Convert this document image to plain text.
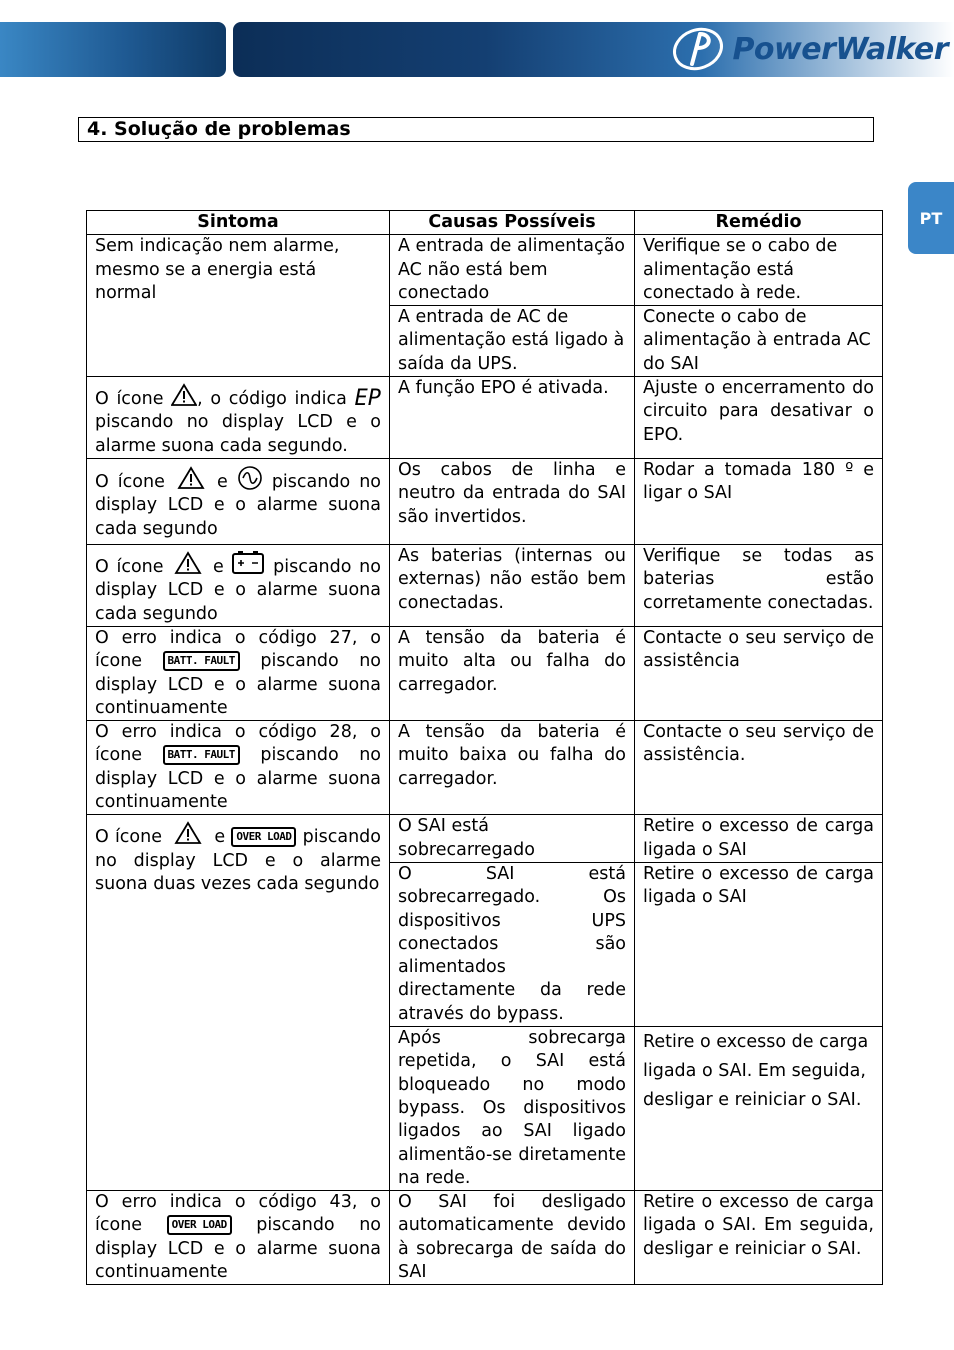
PowerWalker
PT
4. Solução de problemas
Sintoma	Causas Possíveis	Remédio
Sem indicação nem alarme, mesmo se a energia está normal	A entrada de alimentação AC não está bem conectado	Verifique se o cabo de alimentação está conectado à rede.
	A entrada de AC de alimentação está ligado à saída da UPS.	Conecte o cabo de alimentação à entrada AC do SAI
O ícone , o código indica EP piscando no display LCD e o alarme suona cada segundo.	A função EPO é ativada.	Ajuste o encerramento do circuito para desativar o EPO.
O ícone e piscando no display LCD e o alarme suona cada segundo	Os cabos de linha e neutro da entrada do SAI são invertidos.	Rodar a tomada 180 º e ligar o SAI
O ícone e piscando no display LCD e o alarme suona cada segundo	As baterias (internas ou externas) não estão bem conectadas.	Verifique se todas as baterias estão corretamente conectadas.
O erro indica o código 27, o ícone BATT. FAULT piscando no display LCD e o alarme suona continuamente	A tensão da bateria é muito alta ou falha do carregador.	Contacte o seu serviço de assistência
O erro indica o código 28, o ícone BATT. FAULT piscando no display LCD e o alarme suona continuamente	A tensão da bateria é muito baixa ou falha do carregador.	Contacte o seu serviço de assistência.
O ícone e OVER LOAD piscando no display LCD e o alarme suona duas vezes cada segundo	O SAI está sobrecarregado	Retire o excesso de carga ligada o SAI
	O SAI está sobrecarregado. Os dispositivos UPS conectados são alimentados directamente da rede através do bypass.	Retire o excesso de carga ligada o SAI
	Após sobrecarga repetida, o SAI está bloqueado no modo bypass. Os dispositivos ligados ao SAI ligado alimentão-se diretamente na rede.	Retire o excesso de carga ligada o SAI. Em seguida, desligar e reiniciar o SAI.
O erro indica o código 43, o ícone OVER LOAD piscando no display LCD e o alarme suona continuamente	O SAI foi desligado automaticamente devido à sobrecarga de saída do SAI	Retire o excesso de carga ligada o SAI. Em seguida, desligar e reiniciar o SAI.
